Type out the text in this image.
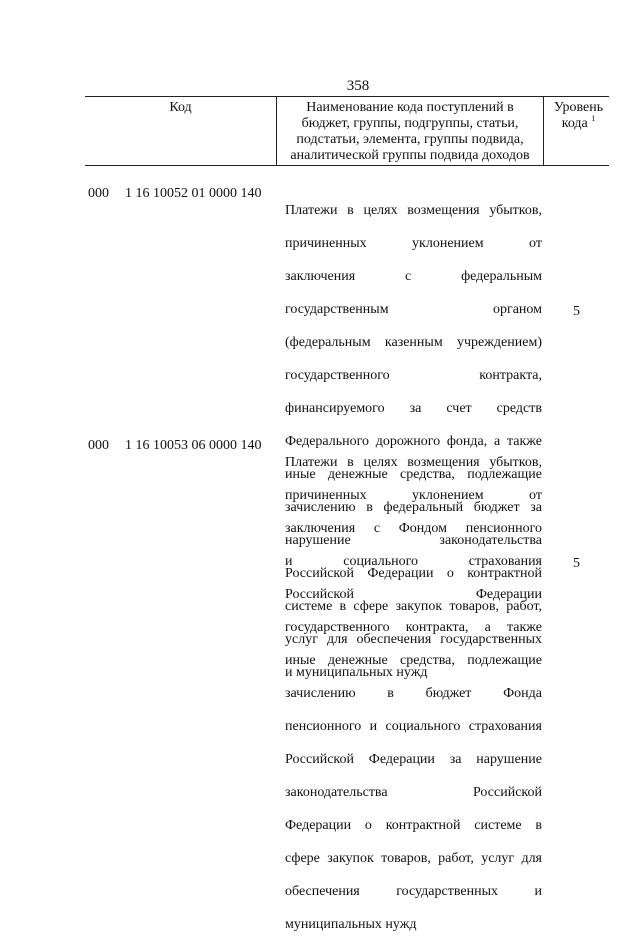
358
Код	Наименование кода поступлений в
бюджет, группы, подгруппы, статьи,
подстатьи, элемента, группы подвида,
аналитической группы подвида доходов
Уровень
кода $^1$
000 1 16 10052 01 0000 140

Платежи в целях возмещения убытков,

причиненных уклонением от

заключения с федеральным

государственным органом

(федеральным казенным учреждением)

государственного контракта,

финансируемого за счет средств

Федерального дорожного фонда, а также

иные денежные средства, подлежащие

зачислению в федеральный бюджет за

нарушение законодательства

Российской Федерации о контрактной

системе в сфере закупок товаров, работ,

услуг для обеспечения государственных

и муниципальных нужд

5
000 1 16 10053 06 0000 140

Платежи в целях возмещения убытков,

причиненных уклонением от

заключения с Фондом пенсионного

и социального страхования

Российской Федерации

государственного контракта, а также

иные денежные средства, подлежащие

зачислению в бюджет Фонда

пенсионного и социального страхования

Российской Федерации за нарушение

законодательства Российской

Федерации о контрактной системе в

сфере закупок товаров, работ, услуг для

обеспечения государственных и

муниципальных нужд

5
